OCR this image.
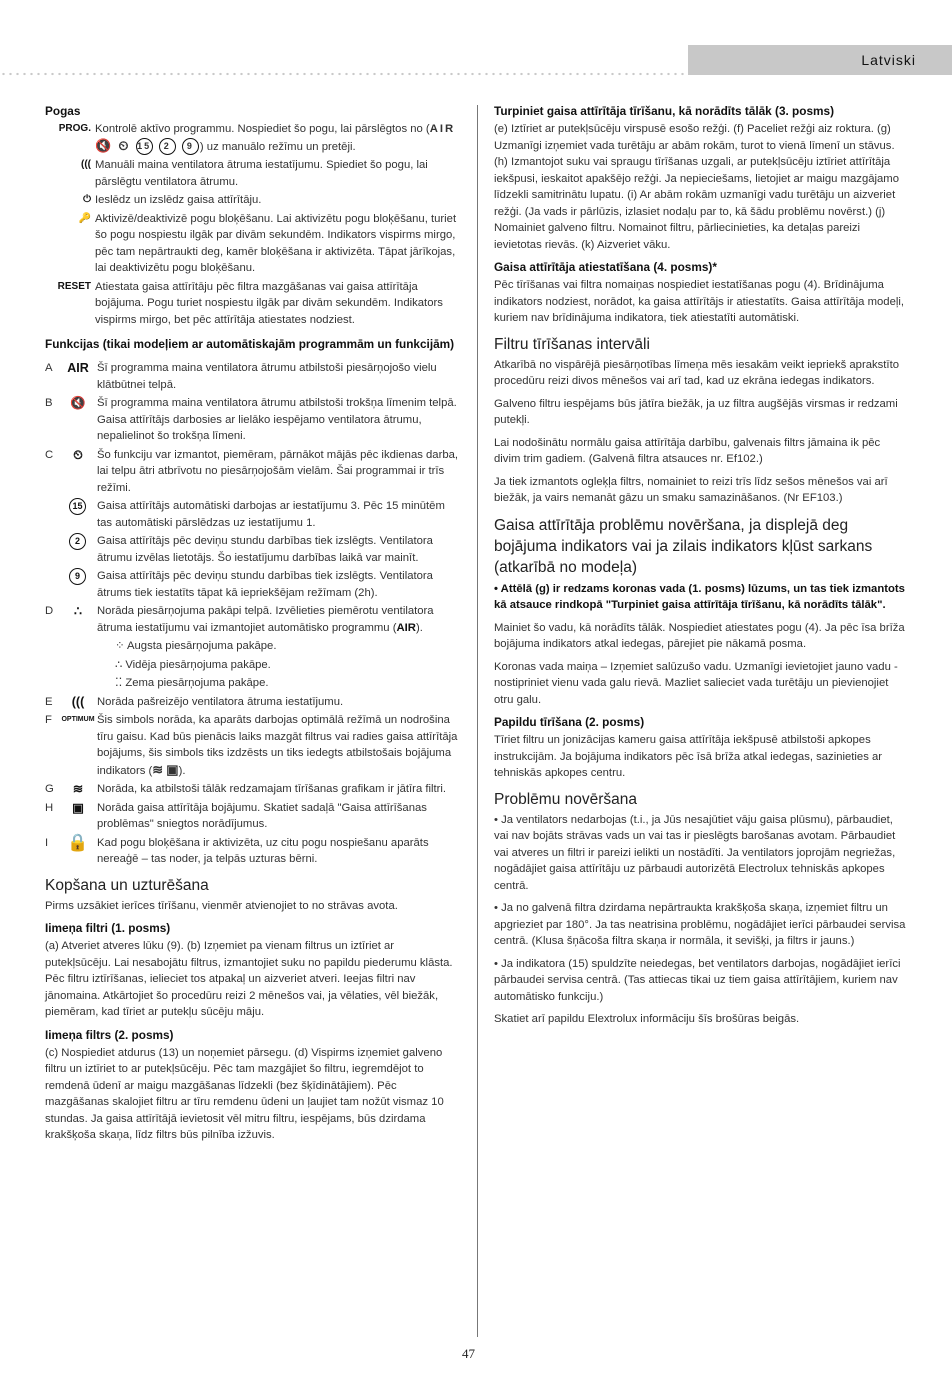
Latviski
Pogas
PROG. Kontrolē aktīvo programmu. Nospiediet šo pogu, lai pārslēgtos no (AIR 🔇 ⏲ 15 2 9 ) uz manuālo režīmu un pretēji.
((( Manuāli maina ventilatora ātruma iestatījumu. Spiediet šo pogu, lai pārslēgtu ventilatora ātrumu.
⏻ Ieslēdz un izslēdz gaisa attīrītāju.
🔑 Aktivizē/deaktivizē pogu bloķēšanu. Lai aktivizētu pogu bloķēšanu, turiet šo pogu nospiestu ilgāk par divām sekundēm. Indikators vispirms mirgo, pēc tam nepārtraukti deg, kamēr bloķēšana ir aktivizēta. Tāpat jārīkojas, lai deaktivizētu pogu bloķēšanu.
RESET Atiestata gaisa attīrītāju pēc filtra mazgāšanas vai gaisa attīrītāja bojājuma. Pogu turiet nospiestu ilgāk par divām sekundēm. Indikators vispirms mirgo, bet pēc attīrītāja atiestates nodziest.
Funkcijas (tikai modeļiem ar automātiskajām programmām un funkcijām)
A	AIR Šī programma maina ventilatora ātrumu atbilstoši piesārņojošo vielu klātbūtnei telpā.
B	🔇 Šī programma maina ventilatora ātrumu atbilstoši trokšņa līmenim telpā. Gaisa attīrītājs darbosies ar lielāko iespējamo ventilatora ātrumu, nepalielinot šo trokšņa līmeni.
C	⏲	Šo funkciju var izmantot, piemēram, pārnākot mājās pēc ikdienas darba, lai telpu ātri atbrīvotu no piesārņojošām vielām. Šai programmai ir trīs režīmi.
15	Gaisa attīrītājs automātiski darbojas ar iestatījumu 3. Pēc 15 minūtēm tas automātiski pārslēdzas uz iestatījumu 1.
2	Gaisa attīrītājs pēc deviņu stundu darbības tiek izslēgts. Ventilatora ātrumu izvēlas lietotājs. Šo iestatījumu darbības laikā var mainīt.
9	Gaisa attīrītājs pēc deviņu stundu darbības tiek izslēgts. Ventilatora ātrums tiek iestatīts tāpat kā iepriekšējam režīmam (2h).
D	∴	Norāda piesārņojuma pakāpi telpā. Izvēlieties piemērotu ventilatora ātruma iestatījumu vai izmantojiet automātisko programmu (AIR).
⁘ Augsta piesārņojuma pakāpe.
∴ Vidēja piesārņojuma pakāpe.
⁚⁚ Zema piesārņojuma pakāpe.
E	(((	Norāda pašreizējo ventilatora ātruma iestatījumu.
F	OPTIMUM Šis simbols norāda, ka aparāts darbojas optimālā režīmā un nodrošina tīru gaisu. Kad būs pienācis laiks mazgāt filtrus vai radies gaisa attīrītāja bojājums, šis simbols tiks izdzēsts un tiks iedegts atbilstošais bojājuma indikators (≋ ▣).
G	≋	Norāda, ka atbilstoši tālāk redzamajam tīrīšanas grafikam ir jātīra filtri.
H	▣	Norāda gaisa attīrītāja bojājumu. Skatiet sadaļā "Gaisa attīrīšanas problēmas" sniegtos norādījumus.
I	🔒 Kad pogu bloķēšana ir aktivizēta, uz citu pogu nospiešanu aparāts nereaģē – tas noder, ja telpās uzturas bērni.
Kopšana un uzturēšana

Pirms uzsākiet ierīces tīrīšanu, vienmēr atvienojiet to no strāvas avota.

Iimeņa filtri (1. posms)

(a) Atveriet atveres lūku (9). (b) Izņemiet pa vienam filtrus un iztīriet ar putekļsūcēju. Lai nesabojātu filtrus, izmantojiet suku no papildu piederumu klāsta. Pēc filtru iztīrīšanas, ielieciet tos atpakaļ un aizveriet atveri. Ieejas filtri nav jānomaina. Atkārtojiet šo procedūru reizi 2 mēnešos vai, ja vēlaties, vēl biežāk, piemēram, kad tīriet ar putekļu sūcēju māju.

Iimeņa filtrs (2. posms)

(c) Nospiediet atdurus (13) un noņemiet pārsegu. (d) Vispirms izņemiet galveno filtru un iztīriet to ar putekļsūcēju. Pēc tam mazgājiet šo filtru, iegremdējot to remdenā ūdenī ar maigu mazgāšanas līdzekli (bez šķīdinātājiem). Pēc mazgāšanas skalojiet filtru ar tīru remdenu ūdeni un ļaujiet tam nožūt vismaz 10 stundas. Ja gaisa attīrītājā ievietosit vēl mitru filtru, iespējams, būs dzirdama krakšķoša skaņa, līdz filtrs būs pilnība izžuvis.

Turpiniet gaisa attīrītāja tīrīšanu, kā norādīts tālāk (3. posms)

(e) Iztīriet ar putekļsūcēju virspusē esošo režģi. (f) Paceliet režģi aiz roktura. (g) Uzmanīgi izņemiet vada turētāju ar abām rokām, turot to vienā līmenī un stāvus. (h) Izmantojot suku vai spraugu tīrīšanas uzgali, ar putekļsūcēju iztīriet attīrītāja iekšpusi, ieskaitot apakšējo režģi. Ja nepieciešams, lietojiet ar maigu mazgājamo līdzekli samitrinātu lupatu. (i) Ar abām rokām uzmanīgi vadu turētāju un aizveriet režģi. (Ja vads ir pārlūzis, izlasiet nodaļu par to, kā šādu problēmu novērst.) (j) Nomainiet galveno filtru. Nomainot filtru, pārliecinieties, ka detaļas pareizi ievietotas rievās. (k) Aizveriet vāku.

Gaisa attīrītāja atiestatīšana (4. posms)*

Pēc tīrīšanas vai filtra nomaiņas nospiediet iestatīšanas pogu (4). Brīdinājuma indikators nodziest, norādot, ka gaisa attīrītājs ir atiestatīts. Gaisa attīrītāja modeļi, kuriem nav brīdinājuma indikatora, tiek atiestatīti automātiski.

Filtru tīrīšanas intervāli

Atkarībā no vispārējā piesārņotības līmeņa mēs iesakām veikt iepriekš aprakstīto procedūru reizi divos mēnešos vai arī tad, kad uz ekrāna iedegas indikators.

Galveno filtru iespējams būs jātīra biežāk, ja uz filtra augšējās virsmas ir redzami putekļi.

Lai nodošinātu normālu gaisa attīrītāja darbību, galvenais filtrs jāmaina ik pēc divim trim gadiem. (Galvenā filtra atsauces nr. Ef102.)

Ja tiek izmantots ogleķļa filtrs, nomainiet to reizi trīs līdz sešos mēnešos vai arī biežāk, ja vairs nemanāt gāzu un smaku samazināšanos. (Nr EF103.)

Gaisa attīrītāja problēmu novēršana, ja displejā deg bojājuma indikators vai ja zilais indikators kļūst sarkans (atkarībā no modeļa)

• Attēlā (g) ir redzams koronas vada (1. posms) lūzums, un tas tiek izmantots kā atsauce rindkopā "Turpiniet gaisa attīrītāja tīrīšanu, kā norādīts tālāk".

Mainiet šo vadu, kā norādīts tālāk. Nospiediet atiestates pogu (4). Ja pēc īsa brīža bojājuma indikators atkal iedegas, pārejiet pie nākamā posma.

Koronas vada maiņa – Izņemiet salūzušo vadu. Uzmanīgi ievietojiet jauno vadu - nostipriniet vienu vada galu rievā. Mazliet salieciet vada turētāju un pievienojiet otru galu.

Papildu tīrīšana (2. posms)

Tīriet filtru un jonizācijas kameru gaisa attīrītāja iekšpusē atbilstoši apkopes instrukcijām. Ja bojājuma indikators pēc īsā brīža atkal iedegas, sazinieties ar tehniskās apkopes centru.

Problēmu novēršana

• Ja ventilators nedarbojas (t.i., ja Jūs nesajūtiet vāju gaisa plūsmu), pārbaudiet, vai nav bojāts strāvas vads un vai tas ir pieslēgts barošanas avotam. Pārbaudiet vai atveres un filtri ir pareizi ielikti un nostādīti. Ja ventilators joprojām negriežas, nogādājiet gaisa attīrītāju uz pārbaudi autorizētā Electrolux tehniskās apkopes centrā.

• Ja no galvenā filtra dzirdama nepārtraukta krakšķoša skaņa, izņemiet filtru un apgrieziet par 180°. Ja tas neatrisina problēmu, nogādājiet ierīci pārbaudei servisa centrā. (Klusa šņācoša filtra skaņa ir normāla, it sevišķi, ja filtrs ir jauns.)

• Ja indikatora (15) spuldzīte neiedegas, bet ventilators darbojas, nogādājiet ierīci pārbaudei servisa centrā. (Tas attiecas tikai uz tiem gaisa attīrītājiem, kuriem nav automātisko funkciju.)

Skatiet arī papildu Elextrolux informāciju šīs brošūras beigās.

47
